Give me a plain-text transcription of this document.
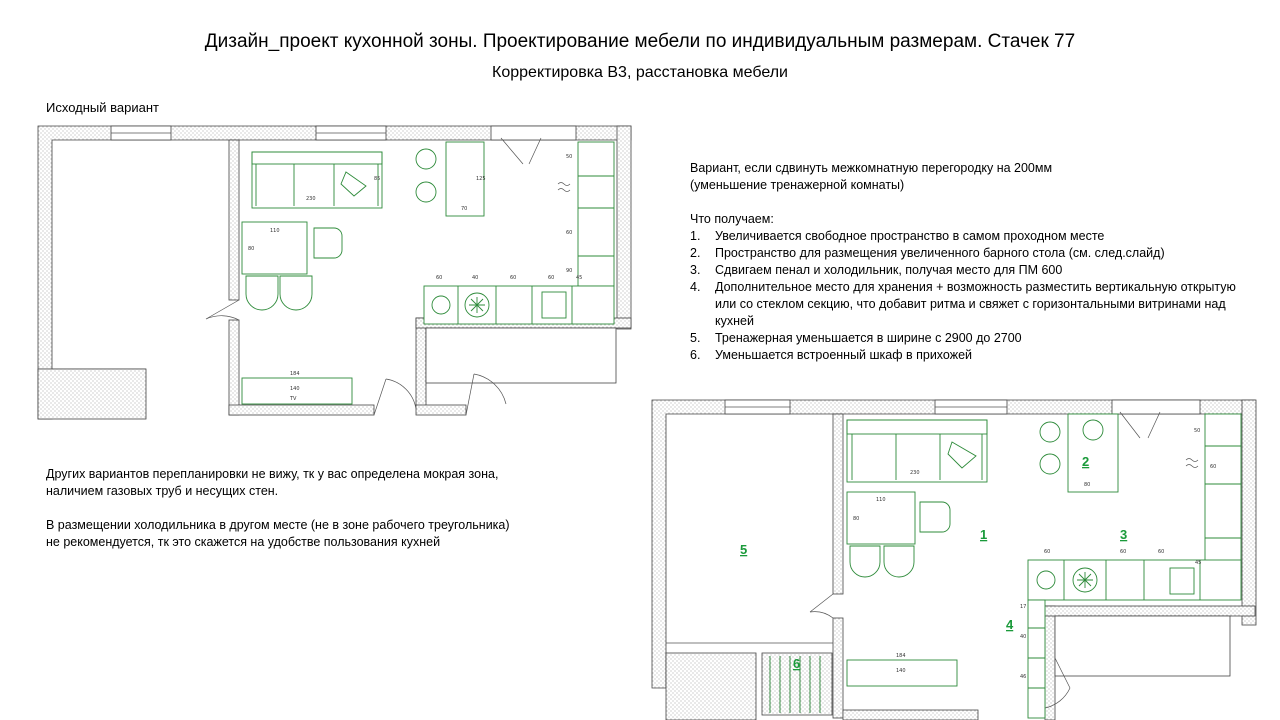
Дизайн_проект кухонной зоны. Проектирование мебели по индивидуальным размерам. Стачек 77
Корректировка В3, расстановка мебели
Исходный вариант
230
85
70
125
110
80
50
60
90
60	40	60	60	45
184
140
TV

Вариант, если сдвинуть межкомнатную перегородку на 200мм

(уменьшение тренажерной комнаты)

Что получаем:

1.	Увеличивается свободное пространство в самом проходном месте
2.	Пространство для размещения увеличенного барного стола (см. след.слайд)
3.	Сдвигаем пенал и холодильник, получая место для ПМ 600
4.	Дополнительное место для хранения + возможность разместить вертикальную открытую или со стеклом секцию, что добавит ритма и свяжет с горизонтальными витринами над кухней
5.	Тренажерная уменьшается в ширине с 2900 до 2700
6.	Уменьшается встроенный шкаф в прихожей

Других вариантов перепланировки не вижу, тк у вас определена мокрая зона,

наличием газовых труб и несущих стен.

В размещении холодильника в другом месте (не в зоне рабочего треугольника)

не рекомендуется, тк это скажется на удобстве пользования кухней

230
80
2
110
80
50
60
3
1
5	60	60	60
45
17
40
46
4
184
140
6
